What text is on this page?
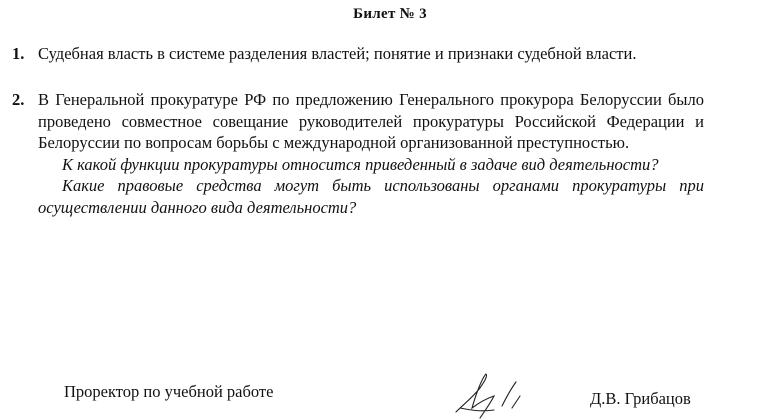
Билет № 3
1. Судебная власть в системе разделения властей; понятие и признаки судебной власти.
2. В Генеральной прокуратуре РФ по предложению Генерального прокурора Белоруссии было проведено совместное совещание руководителей прокуратуры Российской Федерации и Белоруссии по вопросам борьбы с международной организованной преступностью.

К какой функции прокуратуры относится приведенный в задаче вид деятельности?

Какие правовые средства могут быть использованы органами прокуратуры при осуществлении данного вида деятельности?

Проректор по учебной работе	Д.В. Грибацов
